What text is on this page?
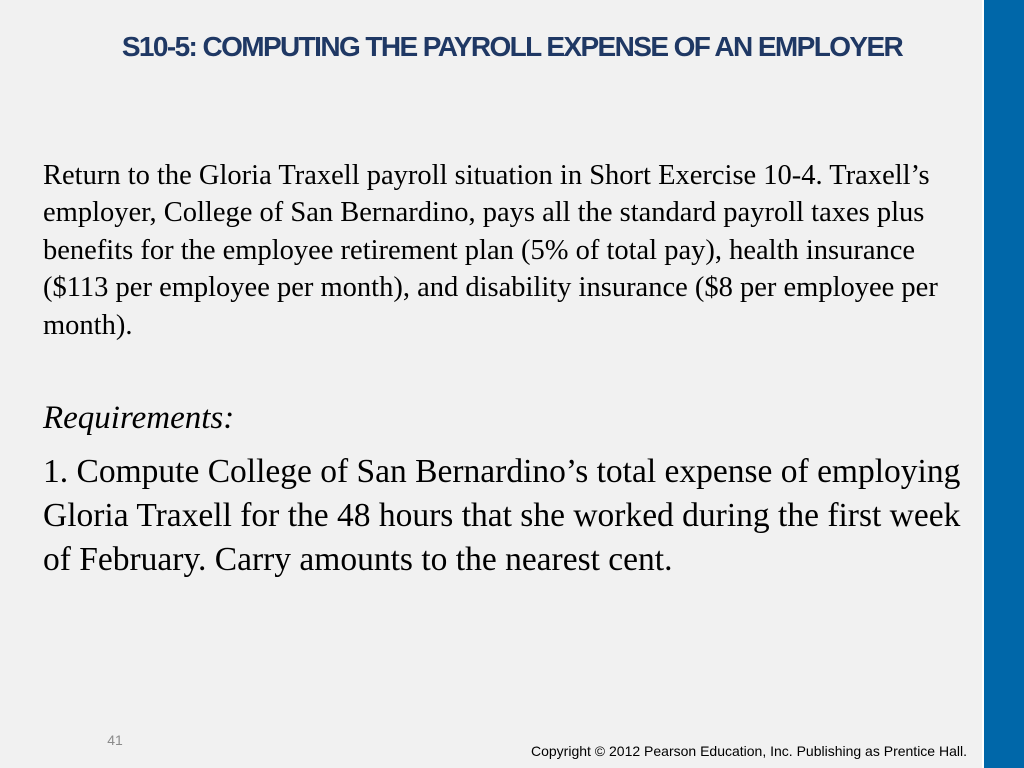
S10-5: COMPUTING THE PAYROLL EXPENSE OF AN EMPLOYER

Return to the Gloria Traxell payroll situation in Short Exercise 10-4. Traxell’s employer, College of San Bernardino, pays all the standard payroll taxes plus benefits for the employee retirement plan (5% of total pay), health insurance ($113 per employee per month), and disability insurance ($8 per employee per month).

Requirements:

1. Compute College of San Bernardino’s total expense of employing Gloria Traxell for the 48 hours that she worked during the first week of February. Carry amounts to the nearest cent.

41
Copyright © 2012 Pearson Education, Inc. Publishing as Prentice Hall.
